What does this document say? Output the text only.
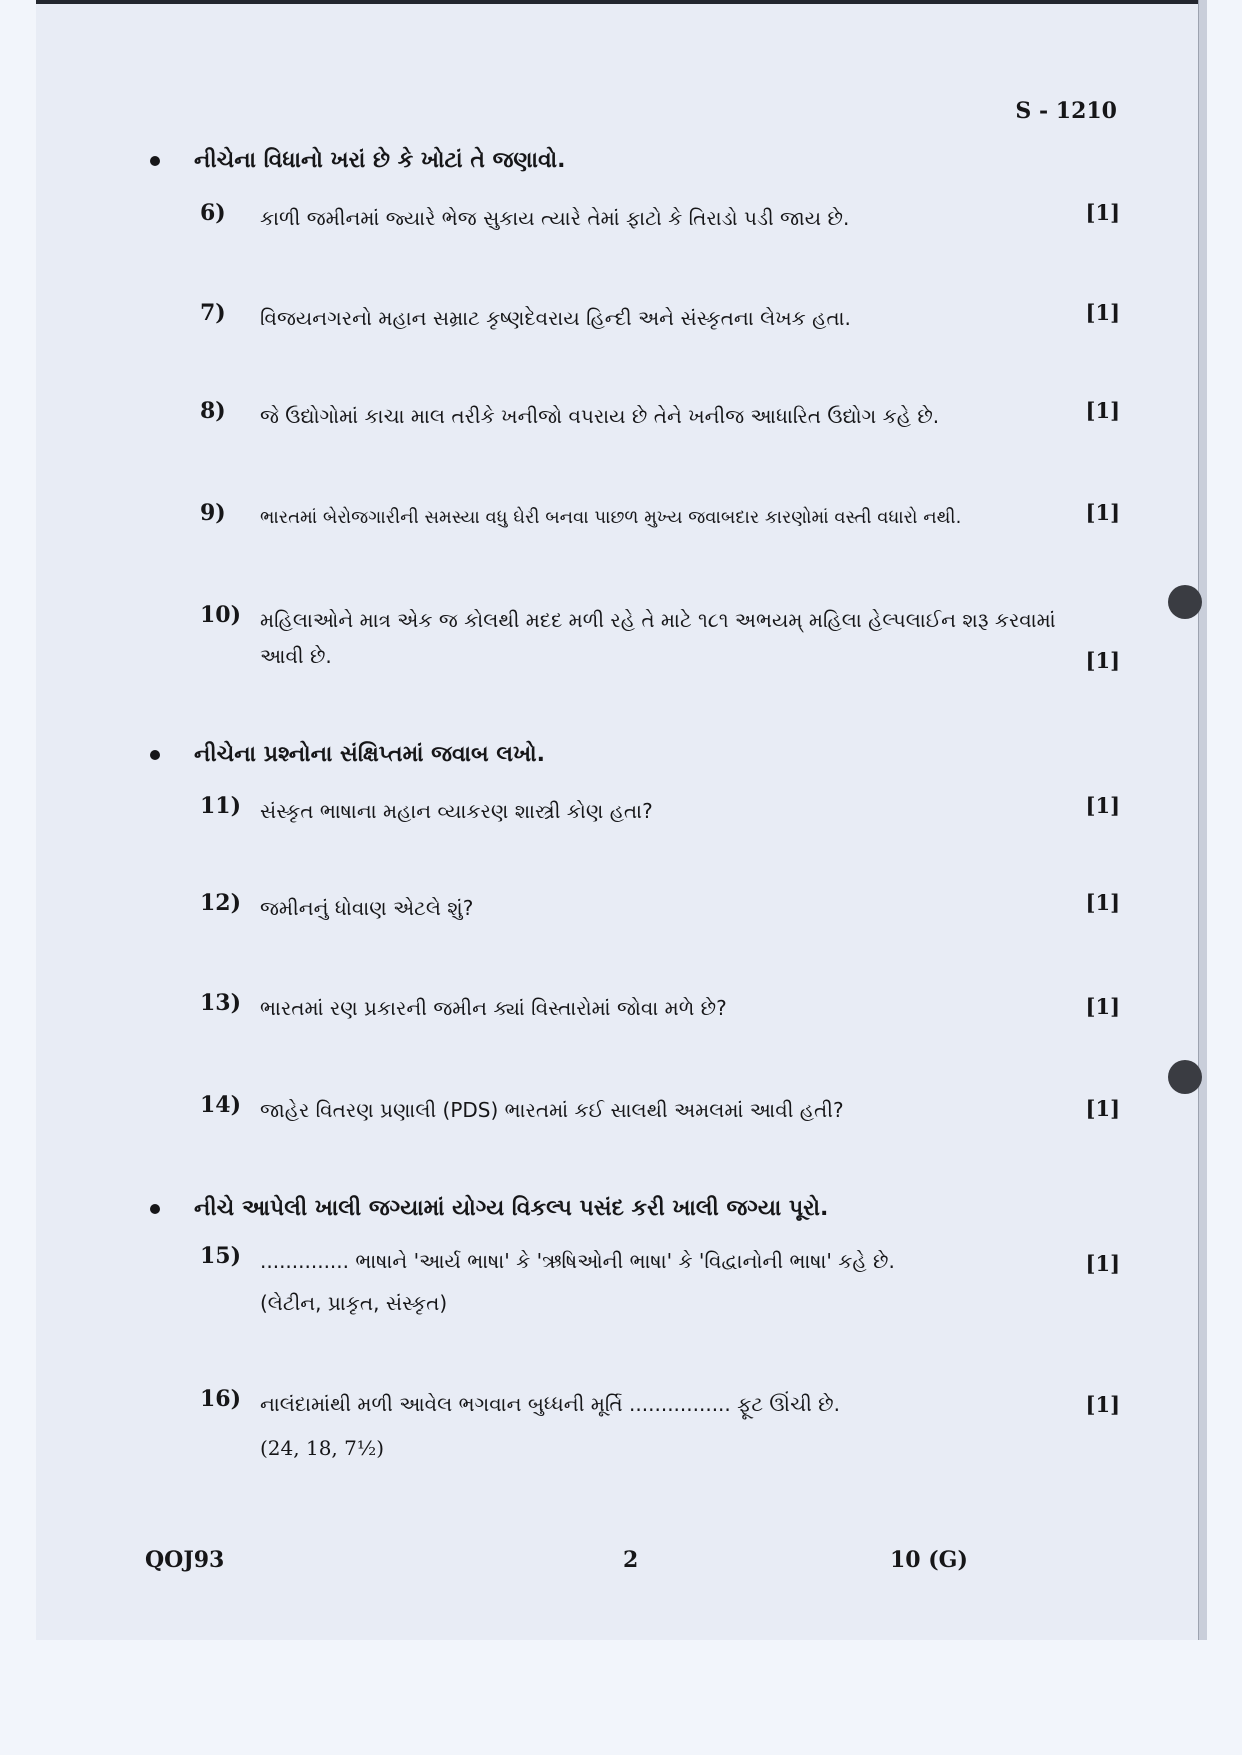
S - 1210
નીચેના વિધાનો ખરાં છે કે ખોટાં તે જણાવો.
6) કાળી જમીનમાં જ્યારે ભેજ સુકાય ત્યારે તેમાં ફાટો કે તિરાડો પડી જાય છે.	[1]
7) વિજયનગરનો મહાન સમ્રાટ કૃષ્ણદેવરાય હિન્દી અને સંસ્કૃતના લેખક હતા.	[1]
8) જે ઉદ્યોગોમાં કાચા માલ તરીકે ખનીજો વપરાય છે તેને ખનીજ આધારિત ઉદ્યોગ કહે છે.	[1]
9) ભારતમાં બેરોજગારીની સમસ્યા વધુ ઘેરી બનવા પાછળ મુખ્ય જવાબદાર કારણોમાં વસ્તી વધારો નથી.	[1]
10) મહિલાઓને માત્ર એક જ કોલથી મદદ મળી રહે તે માટે ૧૮૧ અભયમ્ મહિલા હેલ્પલાઈન શરૂ કરવામાં આવી છે.	[1]
નીચેના પ્રશ્નોના સંક્ષિપ્તમાં જવાબ લખો.
11) સંસ્કૃત ભાષાના મહાન વ્યાકરણ શાસ્ત્રી કોણ હતા?	[1]
12) જમીનનું ધોવાણ એટલે શું?	[1]
13) ભારતમાં રણ પ્રકારની જમીન ક્યાં વિસ્તારોમાં જોવા મળે છે?	[1]
14) જાહેર વિતરણ પ્રણાલી (PDS) ભારતમાં કઈ સાલથી અમલમાં આવી હતી?	[1]
નીચે આપેલી ખાલી જગ્યામાં યોગ્ય વિકલ્પ પસંદ કરી ખાલી જગ્યા પૂરો.
15) .............. ભાષાને 'આર્ય ભાષા' કે 'ઋષિઓની ભાષા' કે 'વિદ્વાનોની ભાષા' કહે છે.
(લેટીન, પ્રાકૃત, સંસ્કૃત)
[1]
16) નાલંદામાંથી મળી આવેલ ભગવાન બુધ્ધની મૂર્તિ ................ ફૂટ ઊંચી છે.
(24, 18, 7½)
[1]
QOJ93	2	10 (G)
